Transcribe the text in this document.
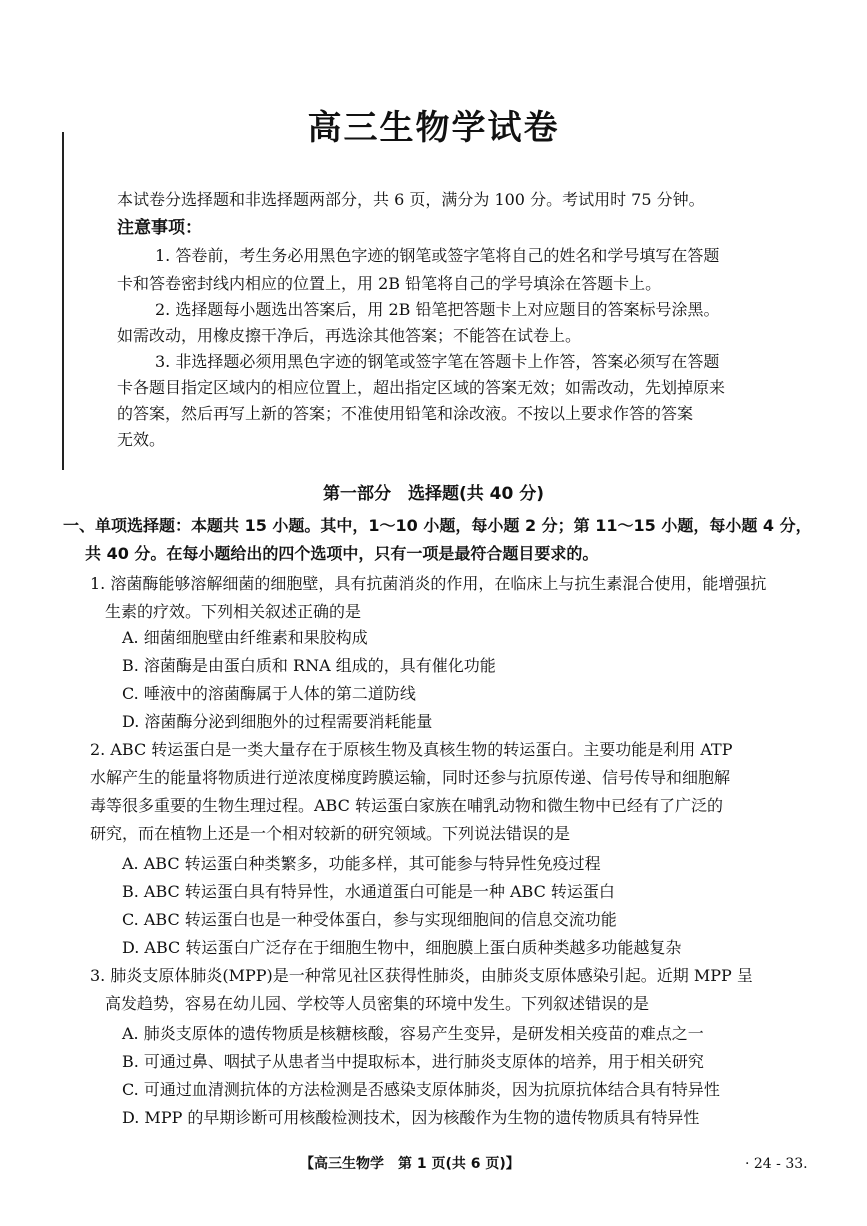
高三生物学试卷
本试卷分选择题和非选择题两部分，共 6 页，满分为 100 分。考试用时 75 分钟。
注意事项：
1. 答卷前，考生务必用黑色字迹的钢笔或签字笔将自己的姓名和学号填写在答题
卡和答卷密封线内相应的位置上，用 2B 铅笔将自己的学号填涂在答题卡上。
2. 选择题每小题选出答案后，用 2B 铅笔把答题卡上对应题目的答案标号涂黑。
如需改动，用橡皮擦干净后，再选涂其他答案；不能答在试卷上。
3. 非选择题必须用黑色字迹的钢笔或签字笔在答题卡上作答，答案必须写在答题
卡各题目指定区域内的相应位置上，超出指定区域的答案无效；如需改动，先划掉原来
的答案，然后再写上新的答案；不准使用铅笔和涂改液。不按以上要求作答的答案
无效。
第一部分　选择题(共 40 分)
一、单项选择题：本题共 15 小题。其中，1～10 小题，每小题 2 分；第 11～15 小题，每小题 4 分，
共 40 分。在每小题给出的四个选项中，只有一项是最符合题目要求的。
1. 溶菌酶能够溶解细菌的细胞壁，具有抗菌消炎的作用，在临床上与抗生素混合使用，能增强抗
生素的疗效。下列相关叙述正确的是
A. 细菌细胞壁由纤维素和果胶构成
B. 溶菌酶是由蛋白质和 RNA 组成的，具有催化功能
C. 唾液中的溶菌酶属于人体的第二道防线
D. 溶菌酶分泌到细胞外的过程需要消耗能量
2. ABC 转运蛋白是一类大量存在于原核生物及真核生物的转运蛋白。主要功能是利用 ATP
水解产生的能量将物质进行逆浓度梯度跨膜运输，同时还参与抗原传递、信号传导和细胞解
毒等很多重要的生物生理过程。ABC 转运蛋白家族在哺乳动物和微生物中已经有了广泛的
研究，而在植物上还是一个相对较新的研究领域。下列说法错误的是
A. ABC 转运蛋白种类繁多，功能多样，其可能参与特异性免疫过程
B. ABC 转运蛋白具有特异性，水通道蛋白可能是一种 ABC 转运蛋白
C. ABC 转运蛋白也是一种受体蛋白，参与实现细胞间的信息交流功能
D. ABC 转运蛋白广泛存在于细胞生物中，细胞膜上蛋白质种类越多功能越复杂
3. 肺炎支原体肺炎(MPP)是一种常见社区获得性肺炎，由肺炎支原体感染引起。近期 MPP 呈
高发趋势，容易在幼儿园、学校等人员密集的环境中发生。下列叙述错误的是
A. 肺炎支原体的遗传物质是核糖核酸，容易产生变异，是研发相关疫苗的难点之一
B. 可通过鼻、咽拭子从患者当中提取标本，进行肺炎支原体的培养，用于相关研究
C. 可通过血清测抗体的方法检测是否感染支原体肺炎，因为抗原抗体结合具有特异性
D. MPP 的早期诊断可用核酸检测技术，因为核酸作为生物的遗传物质具有特异性
【高三生物学　第 1 页(共 6 页)】	· 24 - 33.
